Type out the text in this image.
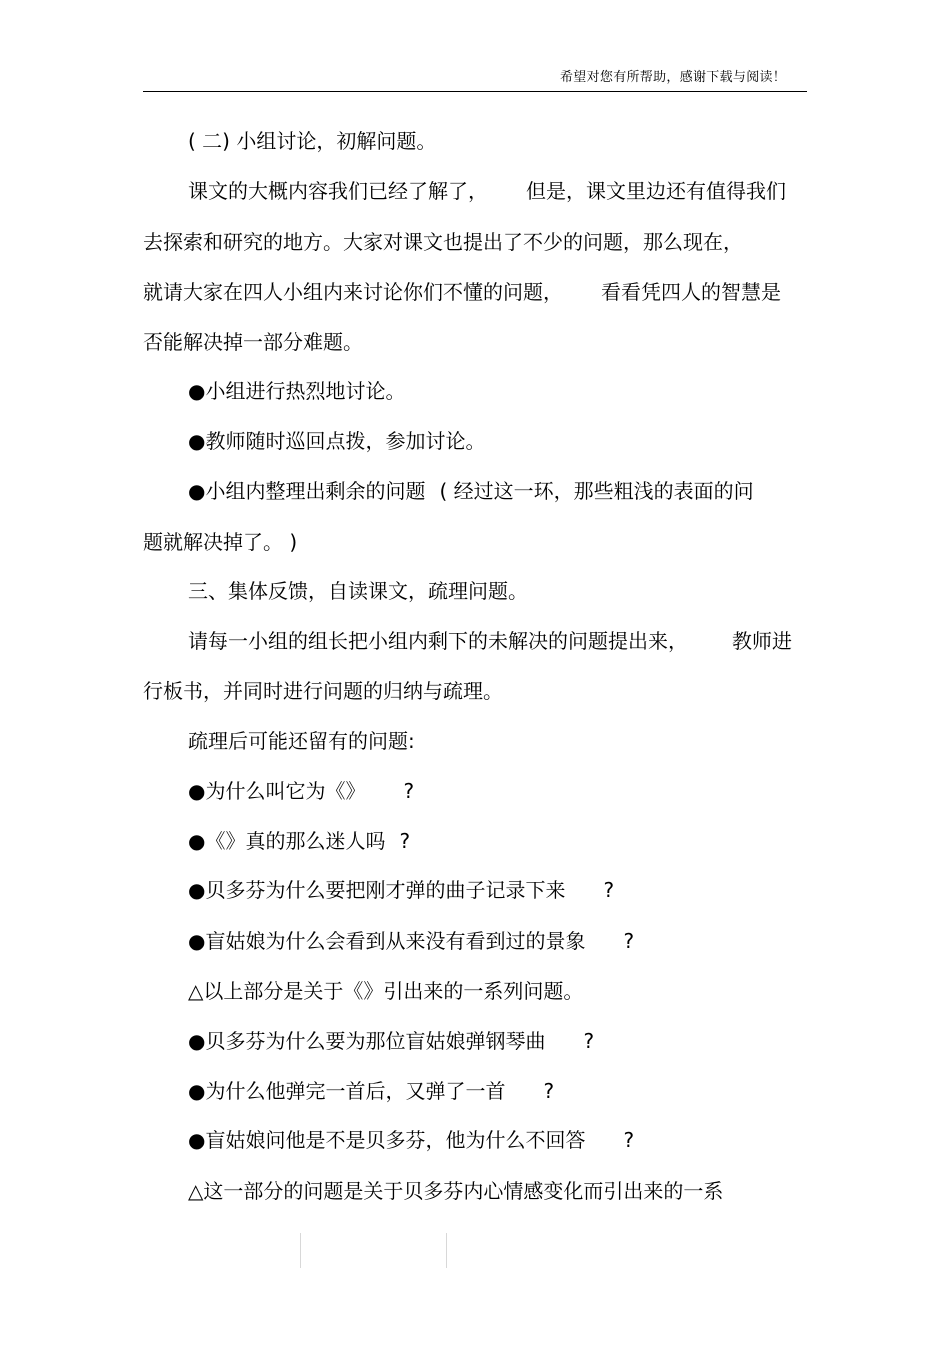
希望对您有所帮助，感谢下载与阅读！
( 二) 小组讨论，初解问题。
课文的大概内容我们已经了解了， 但是，课文里边还有值得我们
去探索和研究的地方。大家对课文也提出了不少的问题，那么现在，
就请大家在四人小组内来讨论你们不懂的问题， 看看凭四人的智慧是
否能解决掉一部分难题。
●小组进行热烈地讨论。
●教师随时巡回点拨，参加讨论。
●小组内整理出剩余的问题 ( 经过这一环，那些粗浅的表面的问
题就解决掉了。 )
三、集体反馈，自读课文，疏理问题。
请每一小组的组长把小组内剩下的未解决的问题提出来， 教师进
行板书，并同时进行问题的归纳与疏理。
疏理后可能还留有的问题:
●为什么叫它为《》 ?
●《》真的那么迷人吗 ?
●贝多芬为什么要把刚才弹的曲子记录下来 ?
●盲姑娘为什么会看到从来没有看到过的景象 ?
△以上部分是关于《》引出来的一系列问题。
●贝多芬为什么要为那位盲姑娘弹钢琴曲 ?
●为什么他弹完一首后，又弹了一首 ?
●盲姑娘问他是不是贝多芬，他为什么不回答 ?
△这一部分的问题是关于贝多芬内心情感变化而引出来的一系
